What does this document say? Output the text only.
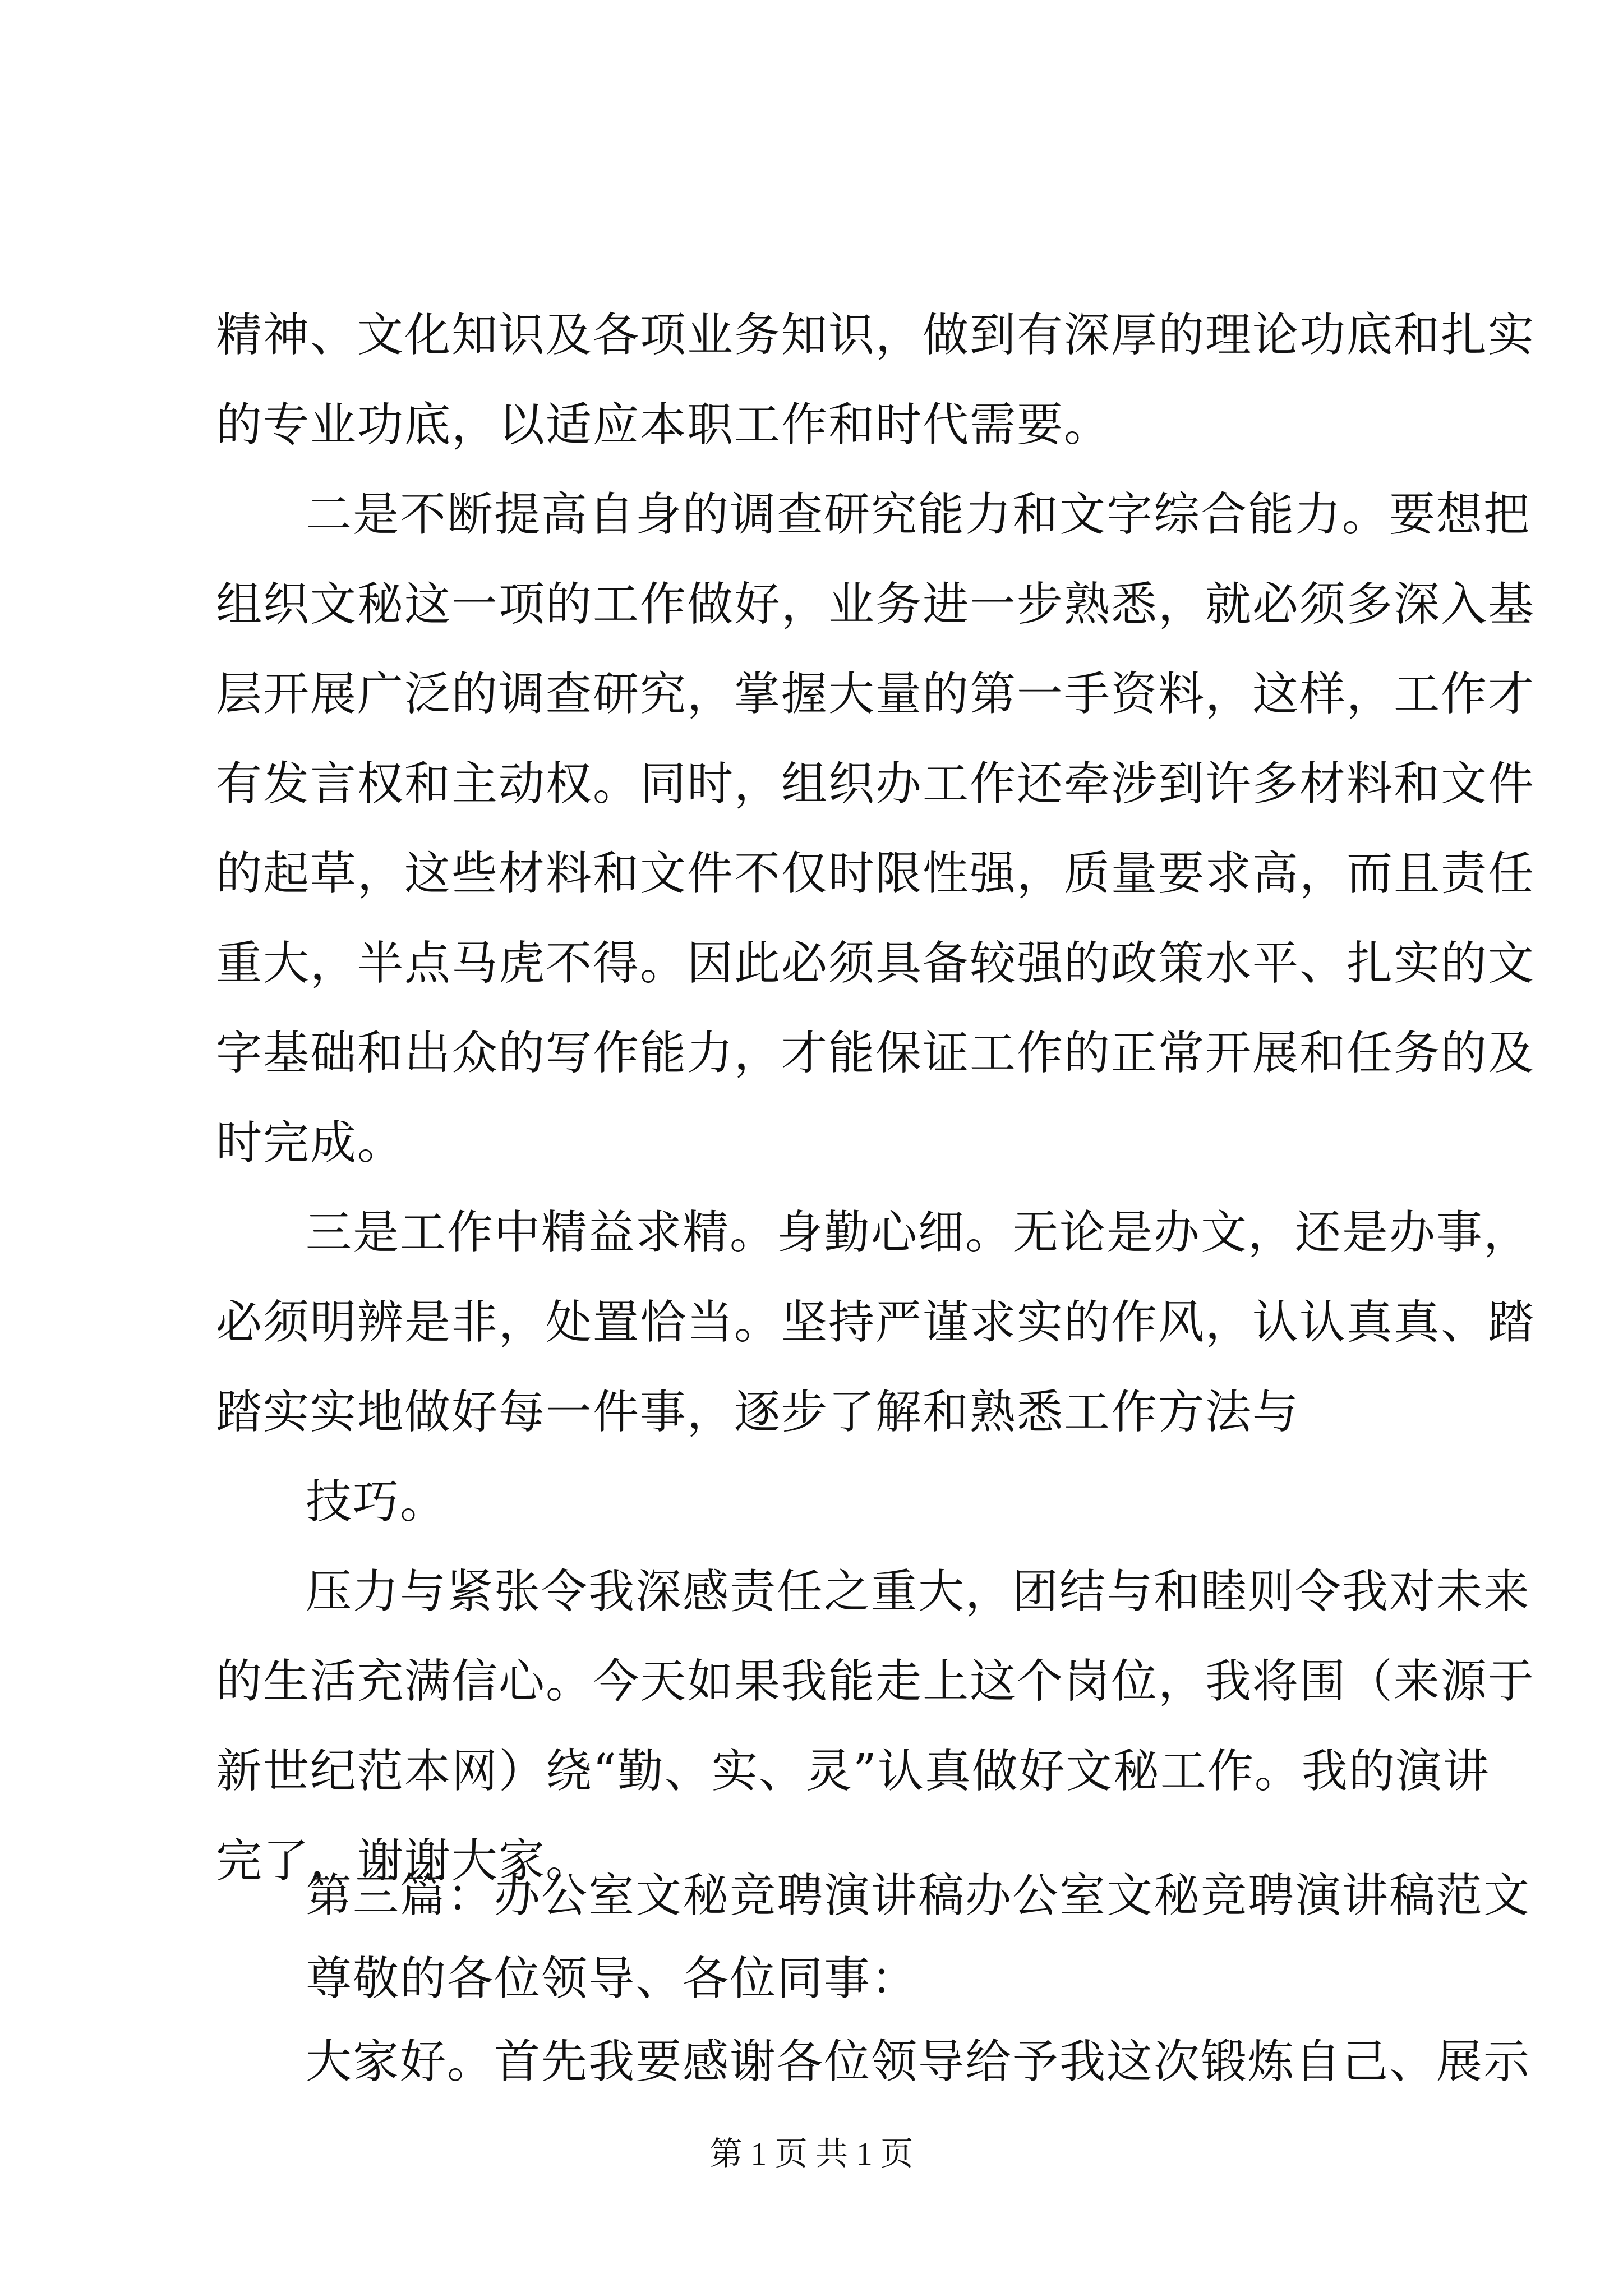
精神、文化知识及各项业务知识，做到有深厚的理论功底和扎实
的专业功底，以适应本职工作和时代需要。
二是不断提高自身的调查研究能力和文字综合能力。要想把
组织文秘这一项的工作做好，业务进一步熟悉，就必须多深入基
层开展广泛的调查研究，掌握大量的第一手资料，这样，工作才
有发言权和主动权。同时，组织办工作还牵涉到许多材料和文件
的起草，这些材料和文件不仅时限性强，质量要求高，而且责任
重大，半点马虎不得。因此必须具备较强的政策水平、扎实的文
字基础和出众的写作能力，才能保证工作的正常开展和任务的及
时完成。
三是工作中精益求精。身勤心细。无论是办文，还是办事，
必须明辨是非，处置恰当。坚持严谨求实的作风，认认真真、踏
踏实实地做好每一件事，逐步了解和熟悉工作方法与
技巧。
压力与紧张令我深感责任之重大，团结与和睦则令我对未来
的生活充满信心。今天如果我能走上这个岗位，我将围（来源于
新世纪范本网）绕“勤、实、灵”认真做好文秘工作。我的演讲
完了，谢谢大家。
第三篇：办公室文秘竞聘演讲稿办公室文秘竞聘演讲稿范文
尊敬的各位领导、各位同事：
大家好。首先我要感谢各位领导给予我这次锻炼自己、展示
第 1 页 共 1 页
